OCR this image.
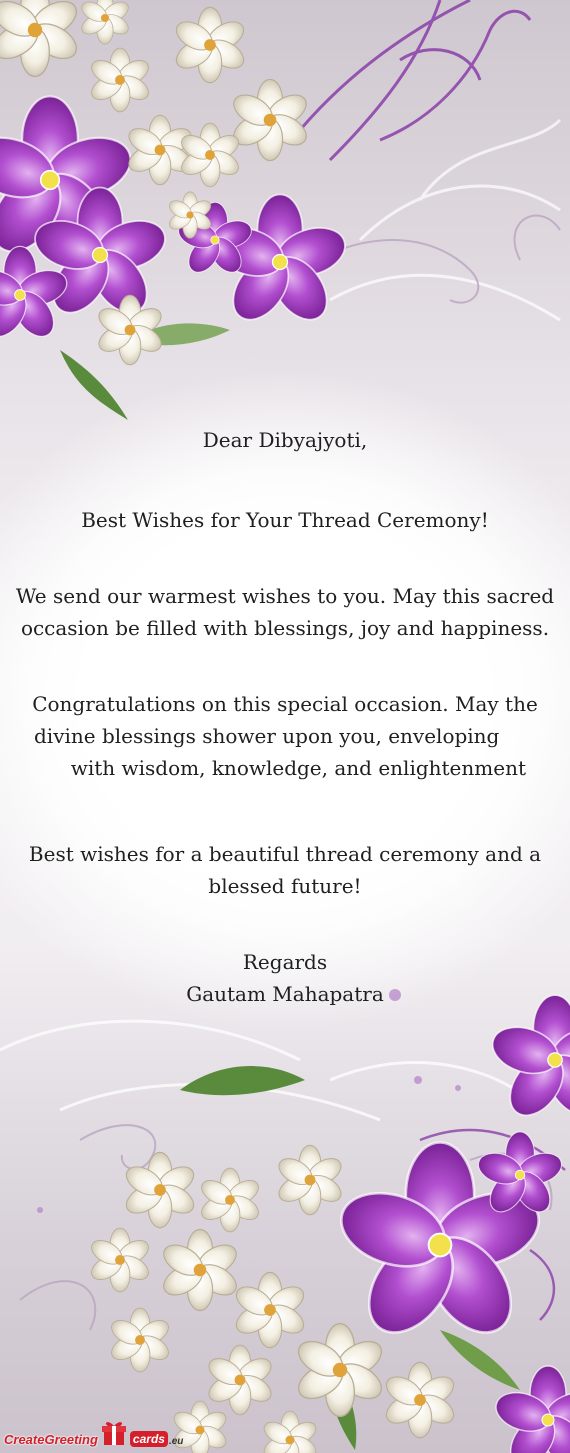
Dear Dibyajyoti,
Best Wishes for Your Thread Ceremony!
We send our warmest wishes to you. May this sacred
occasion be filled with blessings, joy and happiness.
Congratulations on this special occasion. May the
divine blessings shower upon you, enveloping
with wisdom, knowledge, and enlightenment
Best wishes for a beautiful thread ceremony and a
blessed future!
Regards
Gautam Mahapatra
CreateGreeting	cards .eu
